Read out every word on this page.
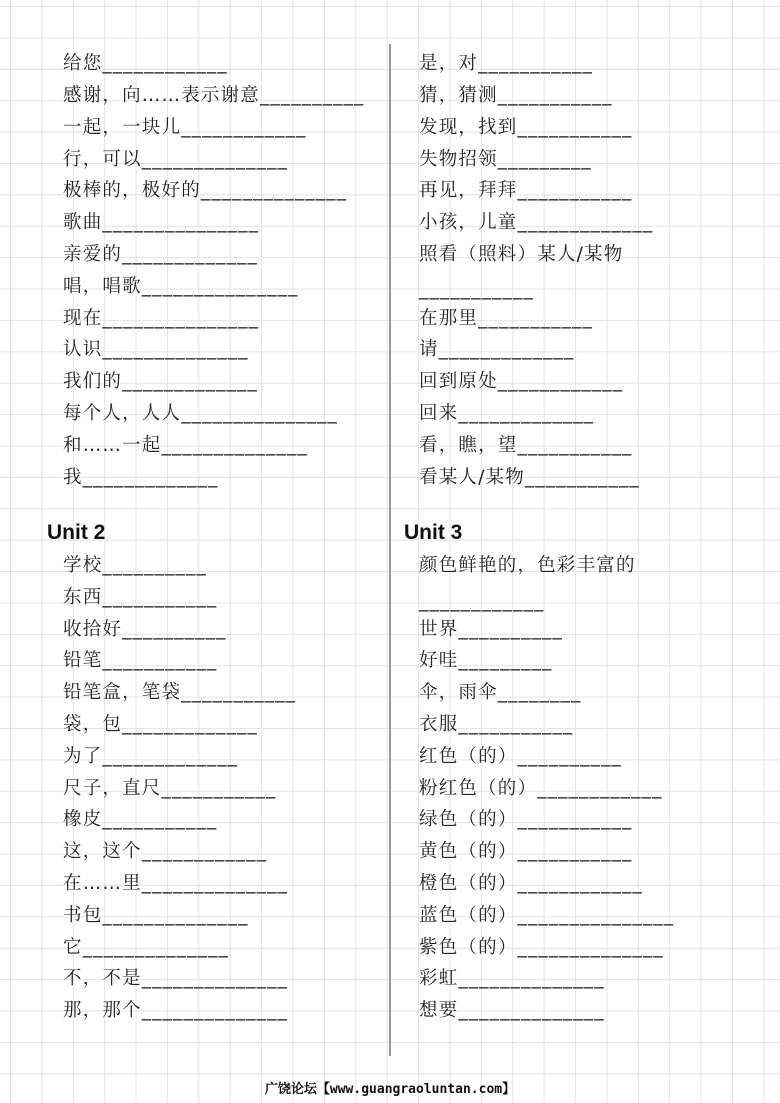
给您____________
感谢，向……表示谢意__________
一起，一块儿____________
行，可以______________
极棒的，极好的______________
歌曲_______________
亲爱的_____________
唱，唱歌_______________
现在_______________
认识______________
我们的_____________
每个人，人人_______________
和……一起______________
我_____________
学校__________
东西___________
收拾好__________
铅笔___________
铅笔盒，笔袋___________
袋，包_____________
为了_____________
尺子，直尺___________
橡皮___________
这，这个____________
在……里______________
书包______________
它______________
不，不是______________
那，那个______________
Unit 2
是，对___________
猜，猜测___________
发现，找到___________
失物招领_________
再见，拜拜___________
小孩，儿童_____________
照看（照料）某人/某物
___________
在那里___________
请_____________
回到原处____________
回来_____________
看，瞧，望___________
看某人/某物___________
颜色鲜艳的，色彩丰富的
____________
世界__________
好哇_________
伞，雨伞________
衣服___________
红色（的）__________
粉红色（的）____________
绿色（的）___________
黄色（的）___________
橙色（的）____________
蓝色（的）_______________
紫色（的）______________
彩虹______________
想要______________
Unit 3
广饶论坛【www.guangraoluntan.com】
